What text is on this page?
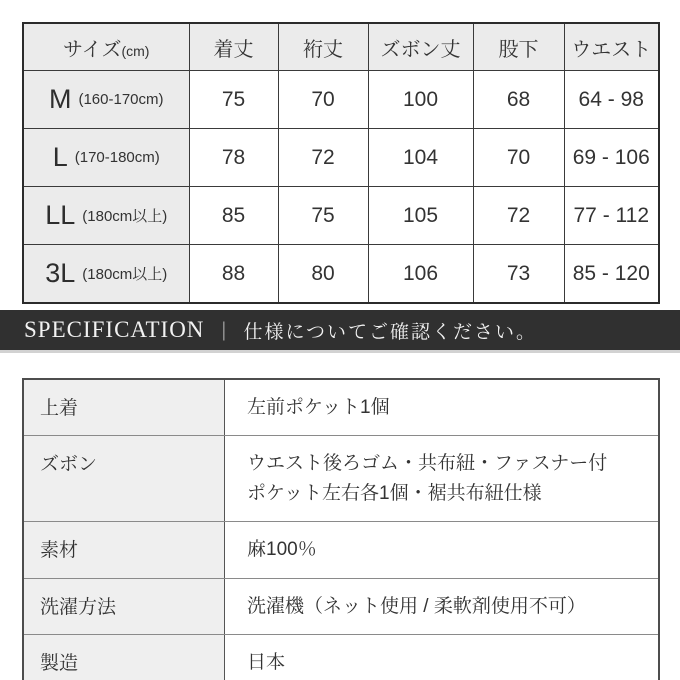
サイズ(cm)	着丈	裄丈	ズボン丈	股下	ウエスト

M (160-170cm)	75	70	100	68	64 - 98

L (170-180cm)	78	72	104	70	69 - 106

LL (180cm以上)	85	75	105	72	77 - 112

3L (180cm以上)	88	80	106	73	85 - 120
SPECIFICATION ｜ 仕様についてご確認ください。
上着	左前ポケット1個

ズボン	ウエスト後ろゴム・共布紐・ファスナー付
ポケット左右各1個・裾共布紐仕様

素材	麻100％

洗濯方法	洗濯機（ネット使用 / 柔軟剤使用不可）

製造	日本
